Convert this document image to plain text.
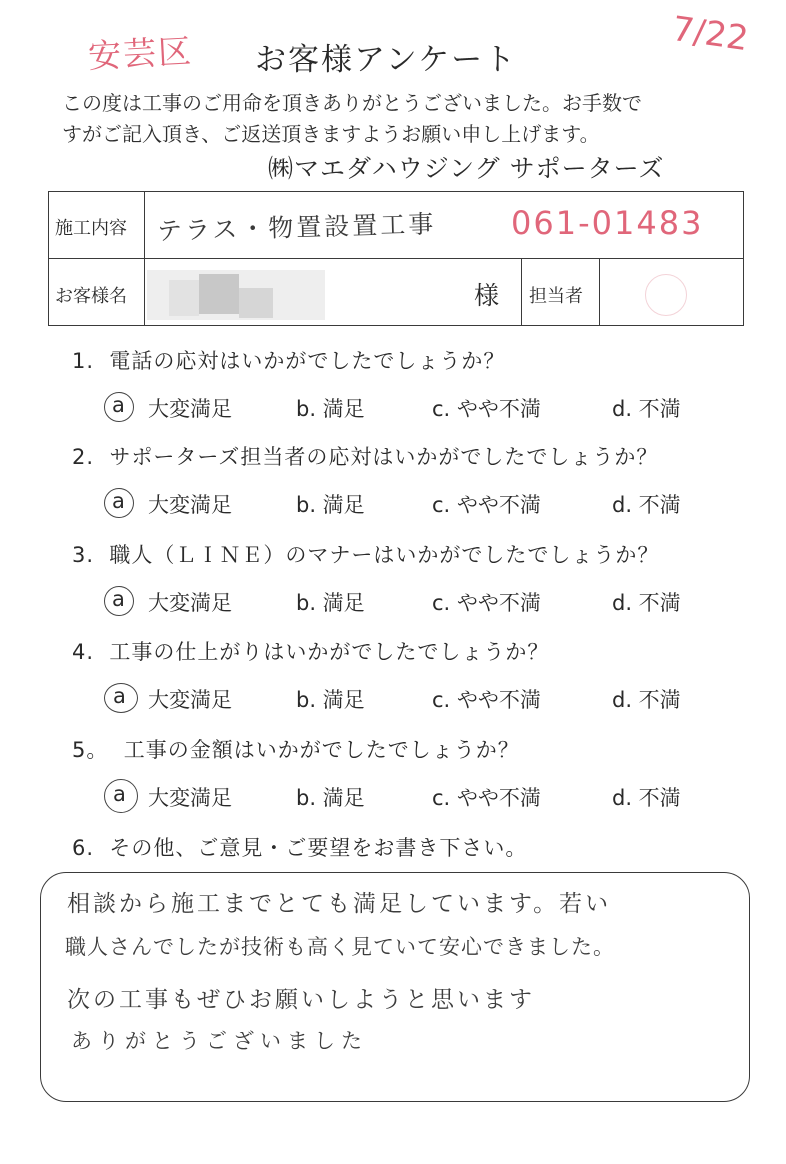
安芸区	7/22
お客様アンケート
この度は工事のご用命を頂きありがとうございました。お手数で
すがご記入頂き、ご返送頂きますようお願い申し上げます。
㈱マエダハウジング サポーターズ
施工内容 テラス・物置設置工事 061-01483
お客様名	様 担当者
1. 電話の応対はいかがでしたでしょうか？
a 大変満足	b. 満足	c. やや不満	d. 不満
2. サポーターズ担当者の応対はいかがでしたでしょうか？
a 大変満足	b. 満足	c. やや不満	d. 不満
3. 職人（ＬＩＮＥ）のマナーはいかがでしたでしょうか？
a 大変満足	b. 満足	c. やや不満	d. 不満
4. 工事の仕上がりはいかがでしたでしょうか？
a 大変満足	b. 満足	c. やや不満	d. 不満
5。 工事の金額はいかがでしたでしょうか？
a 大変満足	b. 満足	c. やや不満	d. 不満
6. その他、ご意見・ご要望をお書き下さい。
相談から施工までとても満足しています。若い
職人さんでしたが技術も高く見ていて安心できました。
次の工事もぜひお願いしようと思います
ありがとうございました
